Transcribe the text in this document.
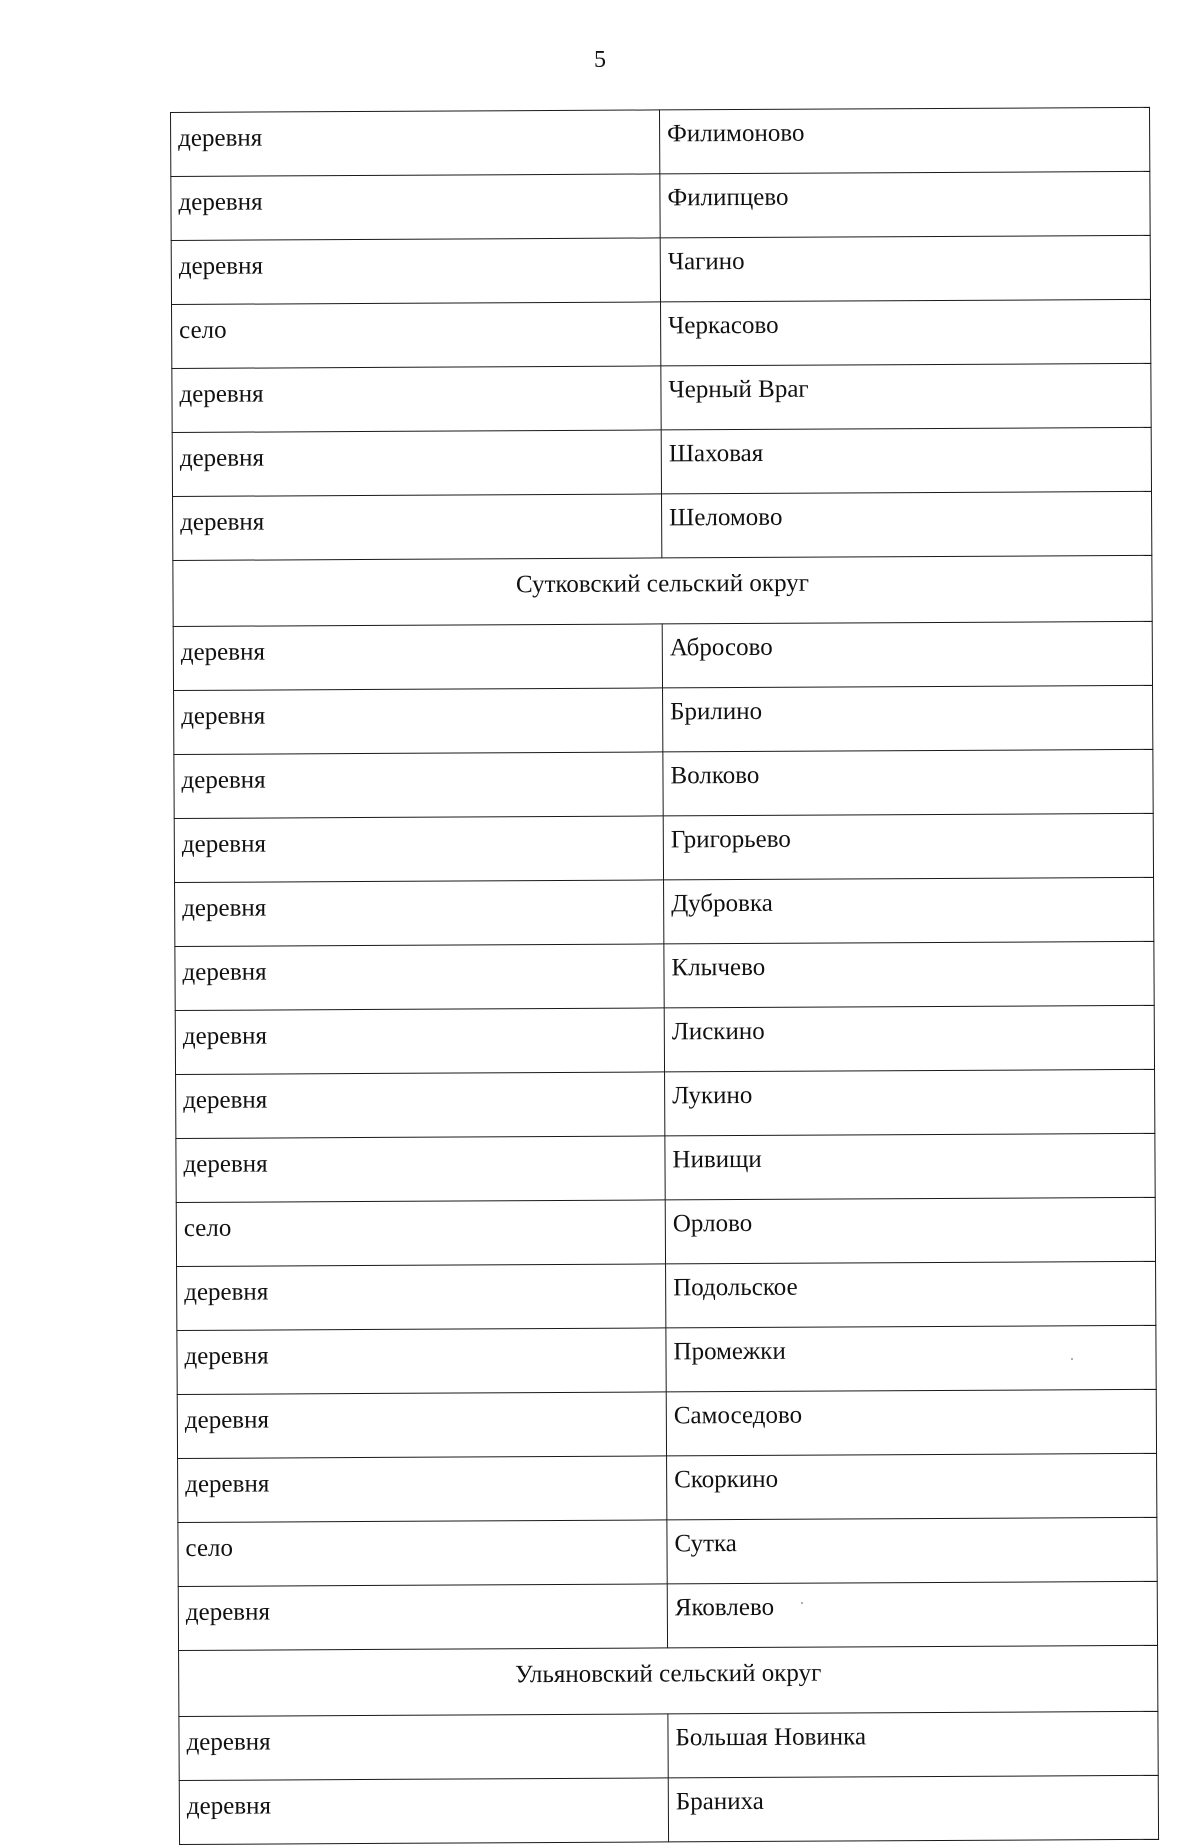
5
деревня	Филимоново
деревня	Филипцево
деревня	Чагино
село	Черкасово
деревня	Черный Враг
деревня	Шаховая
деревня	Шеломово
Сутковский сельский округ	
деревня	Абросово
деревня	Брилино
деревня	Волково
деревня	Григорьево
деревня	Дубровка
деревня	Клычево
деревня	Лискино
деревня	Лукино
деревня	Нивищи
село	Орлово
деревня	Подольское
деревня	Промежки
деревня	Самоседово
деревня	Скоркино
село	Сутка
деревня	Яковлево
Ульяновский сельский округ	
деревня	Большая Новинка
деревня	Браниха
